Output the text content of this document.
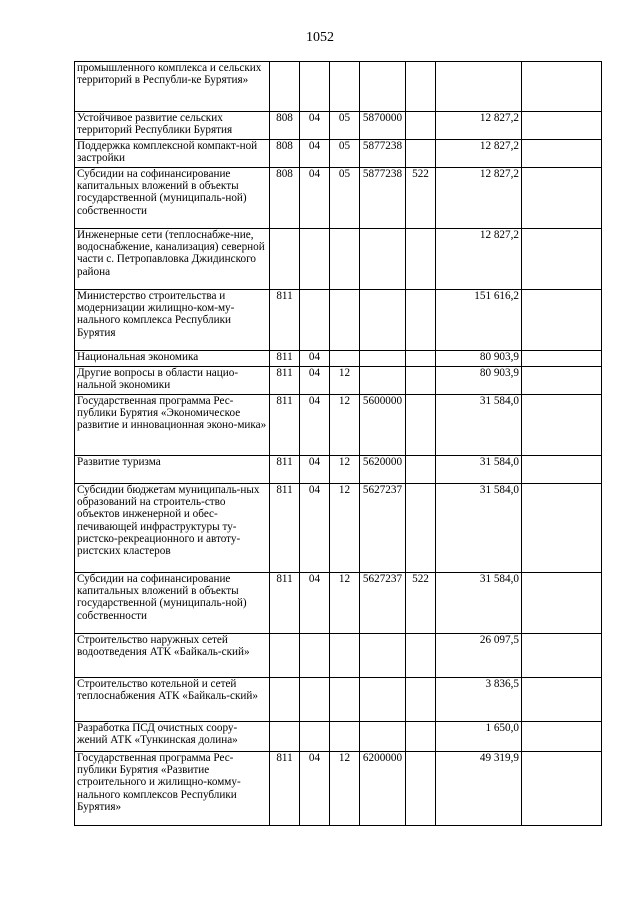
1052
промышленного комплекса и сельских территорий в Республи-ке Бурятия»							
Устойчивое развитие сельских территорий Республики Бурятия	808	04	05	5870000		12 827,2	
Поддержка комплексной компакт-ной застройки	808	04	05	5877238		12 827,2	
Субсидии на софинансирование капитальных вложений в объекты государственной (муниципаль-ной) собственности	808	04	05	5877238	522	12 827,2	
Инженерные сети (теплоснабже-ние, водоснабжение, канализация) северной части с. Петропавловка Джидинского района						12 827,2	
Министерство строительства и модернизации жилищно-ком-му-нального комплекса Республики Бурятия	811					151 616,2	
Национальная экономика	811	04				80 903,9	
Другие вопросы в области нацио-нальной экономики	811	04	12			80 903,9	
Государственная программа Рес-публики Бурятия «Экономическое развитие и инновационная эконо-мика»	811	04	12	5600000		31 584,0	
Развитие туризма	811	04	12	5620000		31 584,0	
Субсидии бюджетам муниципаль-ных образований на строитель-ство объектов инженерной и обес-печивающей инфраструктуры ту-ристско-рекреационного и автоту-ристских кластеров	811	04	12	5627237		31 584,0	
Субсидии на софинансирование капитальных вложений в объекты государственной (муниципаль-ной) собственности	811	04	12	5627237	522	31 584,0	
Строительство наружных сетей водоотведения АТК «Байкаль-ский»						26 097,5	
Строительство котельной и сетей теплоснабжения АТК «Байкаль-ский»						3 836,5	
Разработка ПСД очистных соору-жений АТК «Тункинская долина»						1 650,0	
Государственная программа Рес-публики Бурятия «Развитие строительного и жилищно-комму-нального комплексов Республики Бурятия»	811	04	12	6200000		49 319,9	
